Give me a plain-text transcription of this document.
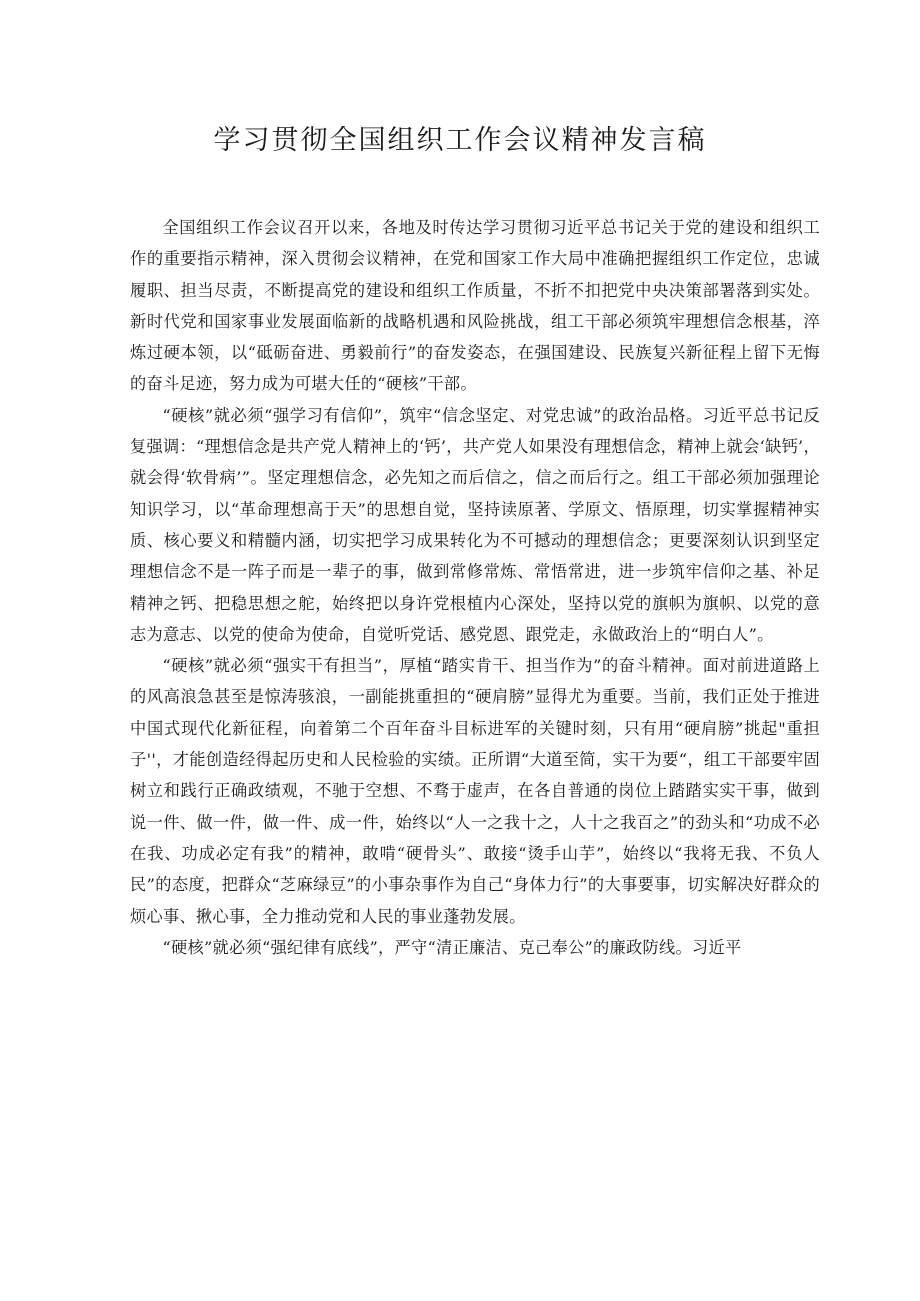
学习贯彻全国组织工作会议精神发言稿

全国组织工作会议召开以来，各地及时传达学习贯彻习近平总书记关于党的建设和组织工作的重要指示精神，深入贯彻会议精神，在党和国家工作大局中准确把握组织工作定位，忠诚履职、担当尽责，不断提高党的建设和组织工作质量，不折不扣把党中央决策部署落到实处。新时代党和国家事业发展面临新的战略机遇和风险挑战，组工干部必须筑牢理想信念根基，淬炼过硬本领，以“砥砺奋进、勇毅前行”的奋发姿态，在强国建设、民族复兴新征程上留下无悔的奋斗足迹，努力成为可堪大任的“硬核”干部。

“硬核”就必须“强学习有信仰”，筑牢“信念坚定、对党忠诚”的政治品格。习近平总书记反复强调：“理想信念是共产党人精神上的‘钙’，共产党人如果没有理想信念，精神上就会‘缺钙’，就会得‘软骨病’”。坚定理想信念，必先知之而后信之，信之而后行之。组工干部必须加强理论知识学习，以“革命理想高于天”的思想自觉，坚持读原著、学原文、悟原理，切实掌握精神实质、核心要义和精髓内涵，切实把学习成果转化为不可撼动的理想信念；更要深刻认识到坚定理想信念不是一阵子而是一辈子的事，做到常修常炼、常悟常进，进一步筑牢信仰之基、补足精神之钙、把稳思想之舵，始终把以身许党根植内心深处，坚持以党的旗帜为旗帜、以党的意志为意志、以党的使命为使命，自觉听党话、感党恩、跟党走，永做政治上的“明白人”。

“硬核”就必须“强实干有担当”，厚植“踏实肯干、担当作为”的奋斗精神。面对前进道路上的风高浪急甚至是惊涛骇浪，一副能挑重担的“硬肩膀”显得尤为重要。当前，我们正处于推进中国式现代化新征程，向着第二个百年奋斗目标进军的关键时刻，只有用“硬肩膀”挑起"重担子''，才能创造经得起历史和人民检验的实绩。正所谓“大道至简，实干为要“，组工干部要牢固树立和践行正确政绩观，不驰于空想、不骛于虚声，在各自普通的岗位上踏踏实实干事，做到说一件、做一件，做一件、成一件，始终以“人一之我十之，人十之我百之”的劲头和“功成不必在我、功成必定有我”的精神，敢啃“硬骨头”、敢接“烫手山芋”，始终以“我将无我、不负人民”的态度，把群众“芝麻绿豆”的小事杂事作为自己“身体力行”的大事要事，切实解决好群众的烦心事、揪心事，全力推动党和人民的事业蓬勃发展。

“硬核”就必须“强纪律有底线”，严守“清正廉洁、克己奉公”的廉政防线。习近平
